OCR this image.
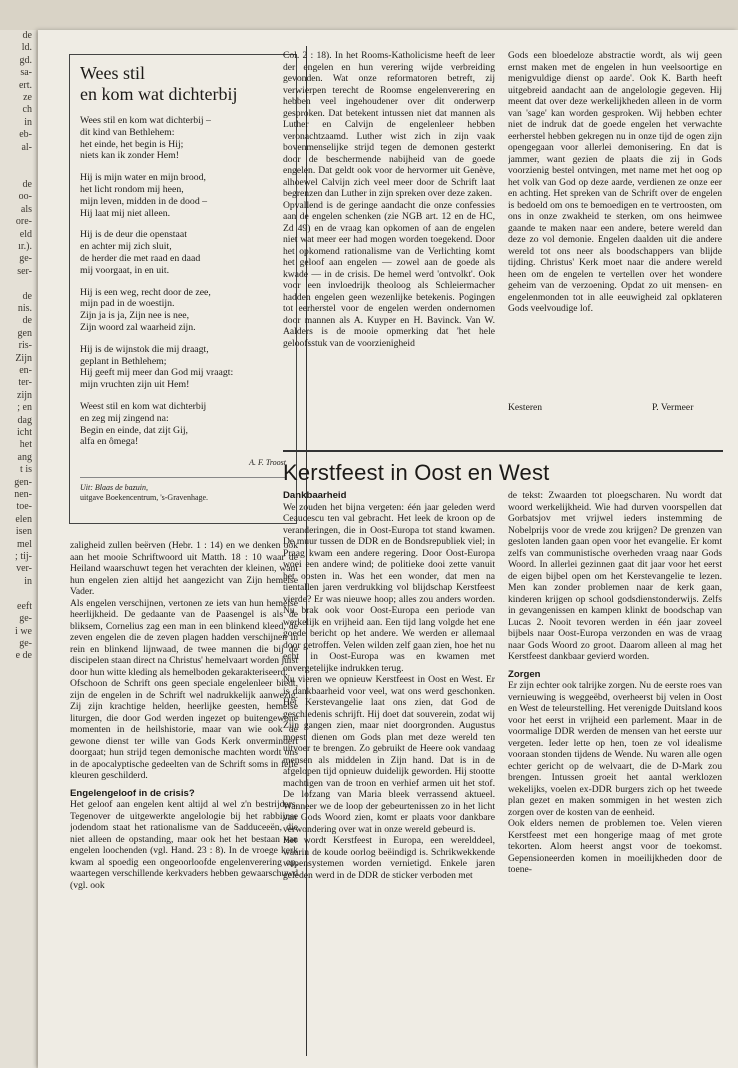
de
ld.
gd.
sa-
ert.
ze
ch
in
eb-
al-

de
oo-
als
ore-
eld
ır.).
ge-
ser-

de
nis.
de
gen
ris-
Zijn
en-
ter-
zijn
; en
dag
icht
het
ang
t is
gen-
nen-
toe-
elen
isen
mel
; tij-
ver-
in

eeft
ge-
i we
ge-
e de
Wees stil
en kom wat dichterbij
Wees stil en kom wat dichterbij –
dit kind van Bethlehem:
het einde, het begin is Hij;
niets kan ik zonder Hem!
Hij is mijn water en mijn brood,
het licht rondom mij heen,
mijn leven, midden in de dood –
Hij laat mij niet alleen.
Hij is de deur die openstaat
en achter mij zich sluit,
de herder die met raad en daad
mij voorgaat, in en uit.
Hij is een weg, recht door de zee,
mijn pad in de woestijn.
Zijn ja is ja, Zijn nee is nee,
Zijn woord zal waarheid zijn.
Hij is de wijnstok die mij draagt,
geplant in Bethlehem;
Hij geeft mij meer dan God mij vraagt:
mijn vruchten zijn uit Hem!
Weest stil en kom wat dichterbij
en zeg mij zingend na:
Begin en einde, dat zijt Gij,
alfa en ômega!
A. F. Troost
Uit: Blaas de bazuin,
uitgave Boekencentrum, 's-Gravenhage.

zaligheid zullen beërven (Hebr. 1 : 14) en we denken ook aan het mooie Schriftwoord uit Matth. 18 : 10 waar de Heiland waarschuwt tegen het verachten der kleinen, want hun engelen zien altijd het aangezicht van Zijn hemelse Vader.

Als engelen verschijnen, vertonen ze iets van hun hemelse heerlijkheid. De gedaante van de Paasengel is als de bliksem, Cornelius zag een man in een blinkend kleed, de zeven engelen die de zeven plagen hadden verschijnen in rein en blinkend lijnwaad, de twee mannen die bij de discipelen staan direct na Christus' hemelvaart worden juist door hun witte kleding als hemelboden gekarakteriseerd.

Ofschoon de Schrift ons geen speciale engelenleer biedt, zijn de engelen in de Schrift wel nadrukkelijk aanwezig. Zij zijn krachtige helden, heerlijke geesten, hemelse liturgen, die door God werden ingezet op buitengewone momenten in de heilshistorie, maar van wie ook de gewone dienst ter wille van Gods Kerk onvermindert doorgaat; hun strijd tegen demonische machten wordt ons in de apocalyptische gedeelten van de Schrift soms in felle kleuren geschilderd.

Engelengeloof in de crisis?

Het geloof aan engelen kent altijd al wel z'n bestrijders. Tegenover de uitgewerkte angelologie bij het rabbijnse jodendom staat het rationalisme van de Sadduceeën, die niet alleen de opstanding, maar ook het het bestaan van engelen loochenden (vgl. Hand. 23 : 8). In de vroege kerk kwam al spoedig een ongeoorloofde engelenverering op, waartegen verschillende kerkvaders hebben gewaarschuwd (vgl. ook

Col. 2 : 18). In het Rooms-Katholicisme heeft de leer der engelen en hun verering wijde verbreiding gevonden. Wat onze reformatoren betreft, zij verwierpen terecht de Roomse engelenverering en hebben veel ingehoudener over dit onderwerp gesproken. Dat betekent intussen niet dat mannen als Luther en Calvijn de engelenleer hebben veronachtzaamd. Luther wist zich in zijn vaak bovenmenselijke strijd tegen de demonen gesterkt door de beschermende nabijheid van de goede engelen. Dat geldt ook voor de hervormer uit Genève, alhoewel Calvijn zich veel meer door de Schrift laat begrenzen dan Luther in zijn spreken over deze zaken.

Opvallend is de geringe aandacht die onze confessies aan de engelen schenken (zie NGB art. 12 en de HC, Zd 49) en de vraag kan opkomen of aan de engelen niet wat meer eer had mogen worden toegekend. Door het opkomend rationalisme van de Verlichting komt het geloof aan engelen — zowel aan de goede als kwade — in de crisis. De hemel werd 'ontvolkt'. Ook voor een invloedrijk theoloog als Schleiermacher hadden engelen geen wezenlijke betekenis. Pogingen tot eerherstel voor de engelen werden ondernomen door mannen als A. Kuyper en H. Bavinck. Van W. Aalders is de mooie opmerking dat 'het hele geloofsstuk van de voorzienigheid

Gods een bloedeloze abstractie wordt, als wij geen ernst maken met de engelen in hun veelsoortige en menigvuldige dienst op aarde'. Ook K. Barth heeft uitgebreid aandacht aan de angelologie gegeven. Hij meent dat over deze werkelijkheden alleen in de vorm van 'sage' kan worden gesproken. Wij hebben echter niet de indruk dat de goede engelen het verwachte eerherstel hebben gekregen nu in onze tijd de ogen zijn opengegaan voor allerlei demonisering. En dat is jammer, want gezien de plaats die zij in Gods voorzienig bestel ontvingen, met name met het oog op het volk van God op deze aarde, verdienen ze onze eer en achting. Het spreken van de Schrift over de engelen is bedoeld om ons te bemoedigen en te vertroosten, om ons in onze zwakheid te sterken, om ons heimwee gaande te maken naar een andere, betere wereld dan deze zo vol demonie. Engelen daalden uit die andere wereld tot ons neer als boodschappers van blijde tijding. Christus' Kerk moet naar die andere wereld heen om de engelen te vertellen over het wondere geheim van de verzoening. Opdat zo uit mensen- en engelenmonden tot in alle eeuwigheid zal opklateren Gods veelvoudige lof.

Kesteren	P. Vermeer
Kerstfeest in Oost en West
Dankbaarheid

We zouden het bijna vergeten: één jaar geleden werd Ceaucescu ten val gebracht. Het leek de kroon op de veranderingen, die in Oost-Europa tot stand kwamen. De muur tussen de DDR en de Bondsrepubliek viel; in Praag kwam een andere regering. Door Oost-Europa woei een andere wind; de politieke dooi zette vanuit het oosten in. Was het een wonder, dat men na tientallen jaren verdrukking vol blijdschap Kerstfeest vierde? Er was nieuwe hoop; alles zou anders worden. Nu brak ook voor Oost-Europa een periode van werkelijk en vrijheid aan. Een tijd lang volgde het ene goede bericht op het andere. We werden er allemaal door getroffen. Velen wilden zelf gaan zien, hoe het nu echt in Oost-Europa was en kwamen met onvergetelijke indrukken terug.

Nu vieren we opnieuw Kerstfeest in Oost en West. Er is dankbaarheid voor veel, wat ons werd geschonken. Het Kerstevangelie laat ons zien, dat God de geschiedenis schrijft. Hij doet dat souverein, zodat wij Zijn gangen zien, maar niet doorgronden. Augustus moest dienen om Gods plan met deze wereld ten uitvoer te brengen. Zo gebruikt de Heere ook vandaag mensen als middelen in Zijn hand. Dat is in de afgelopen tijd opnieuw duidelijk geworden. Hij stootte machtigen van de troon en verhief armen uit het stof. De lofzang van Maria bleek verrassend aktueel. Wanneer we de loop der gebeurtenissen zo in het licht van Gods Woord zien, komt er plaats voor dankbare verwondering over wat in onze wereld gebeurd is.

Het wordt Kerstfeest in Europa, een werelddeel, waarin de koude oorlog beëindigd is. Schrikwekkende wapensystemen worden vernietigd. Enkele jaren geleden werd in de DDR de sticker verboden met

de tekst: Zwaarden tot ploegscharen. Nu wordt dat woord werkelijkheid. Wie had durven voorspellen dat Gorbatsjov met vrijwel ieders instemming de Nobelprijs voor de vrede zou krijgen? De grenzen van gesloten landen gaan open voor het evangelie. Er komt zelfs van communistische overheden vraag naar Gods Woord. In allerlei gezinnen gaat dit jaar voor het eerst de eigen bijbel open om het Kerstevangelie te lezen. Men kan zonder problemen naar de kerk gaan, kinderen krijgen op school godsdienstonderwijs. Zelfs in gevangenissen en kampen klinkt de boodschap van Lucas 2. Nooit tevoren werden in één jaar zoveel bijbels naar Oost-Europa verzonden en was de vraag naar Gods Woord zo groot. Daarom alleen al mag het Kerstfeest dankbaar gevierd worden.

Zorgen

Er zijn echter ook talrijke zorgen. Nu de eerste roes van vernieuwing is weggeëbd, overheerst bij velen in Oost en West de teleurstelling. Het verenigde Duitsland koos voor het eerst in vrijheid een parlement. Maar in de voormalige DDR werden de mensen van het eerste uur vergeten. Ieder lette op hen, toen ze vol idealisme vooraan stonden tijdens de Wende. Nu waren alle ogen echter gericht op de welvaart, die de D-Mark zou brengen. Intussen groeit het aantal werklozen wekelijks, voelen ex-DDR burgers zich op het tweede plan gezet en maken sommigen in het westen zich zorgen over de kosten van de eenheid.

Ook elders nemen de problemen toe. Velen vieren Kerstfeest met een hongerige maag of met grote tekorten. Alom heerst angst voor de toekomst. Gepensioneerden komen in moeilijkheden door de toene-
